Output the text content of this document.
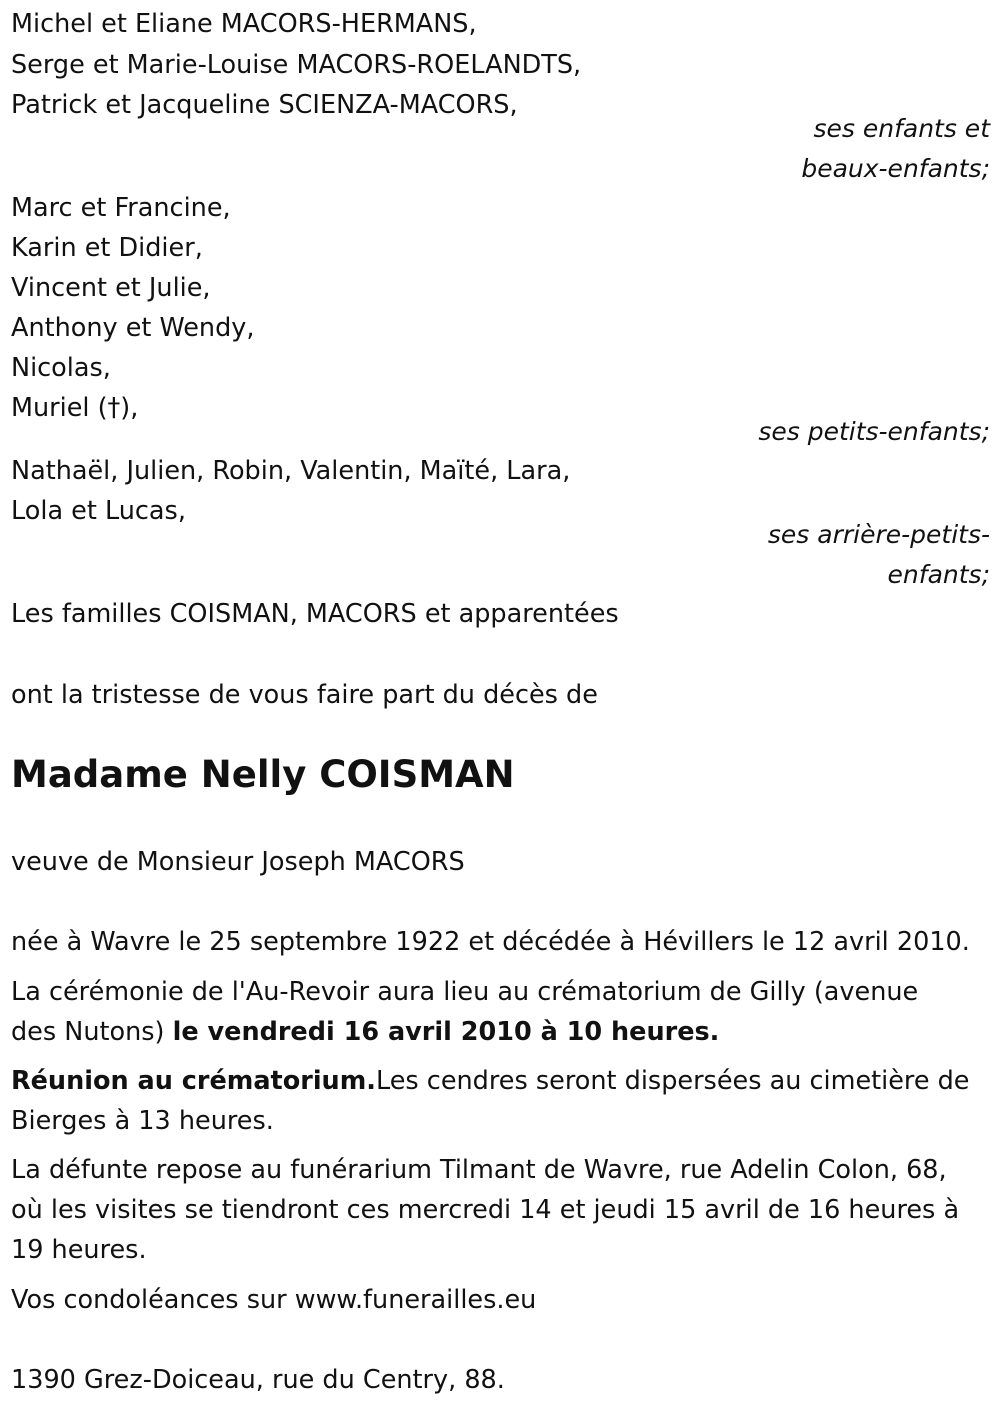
Michel et Eliane MACORS-HERMANS,
Serge et Marie-Louise MACORS-ROELANDTS,
Patrick et Jacqueline SCIENZA-MACORS,
ses enfants et
beaux-enfants;
Marc et Francine,
Karin et Didier,
Vincent et Julie,
Anthony et Wendy,
Nicolas,
Muriel (†),
ses petits-enfants;
Nathaël, Julien, Robin, Valentin, Maïté, Lara,
Lola et Lucas,
ses arrière-petits-
enfants;
Les familles COISMAN, MACORS et apparentées
ont la tristesse de vous faire part du décès de
Madame Nelly COISMAN
veuve de Monsieur Joseph MACORS
née à Wavre le 25 septembre 1922 et décédée à Hévillers le 12 avril 2010.
La cérémonie de l'Au-Revoir aura lieu au crématorium de Gilly (avenue
des Nutons) le vendredi 16 avril 2010 à 10 heures.
Réunion au crématorium.Les cendres seront dispersées au cimetière de
Bierges à 13 heures.
La défunte repose au funérarium Tilmant de Wavre, rue Adelin Colon, 68,
où les visites se tiendront ces mercredi 14 et jeudi 15 avril de 16 heures à
19 heures.
Vos condoléances sur www.funerailles.eu
1390 Grez-Doiceau, rue du Centry, 88.
